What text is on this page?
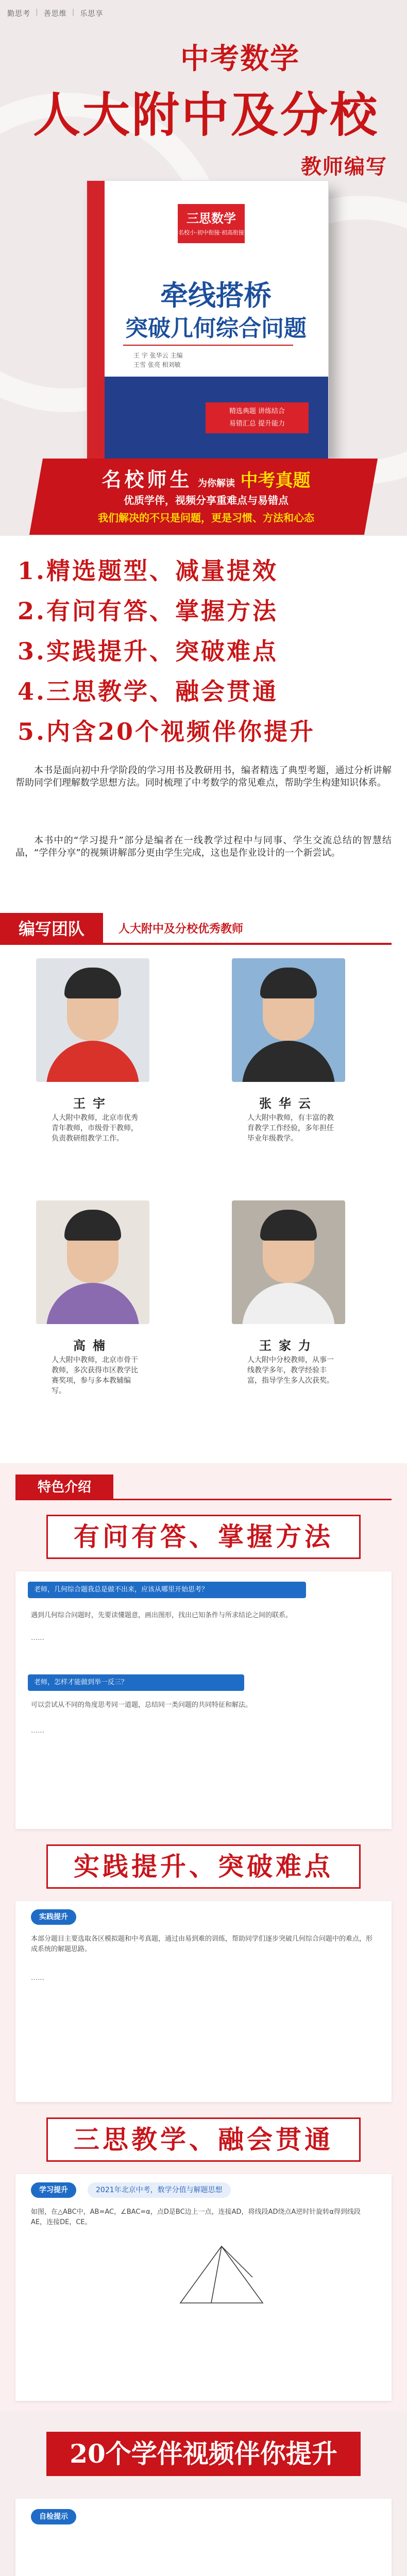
勤思考 | 善思维 | 乐思享
中考数学
人大附中及分校
教师编写
三思数学
名校小·初中衔接·初高衔接
牵线搭桥
突破几何综合问题
王 宇 张华云 主编
王雪 张亮 相刘敏
精选典题 讲练结合
易错汇总 提升能力
名校师生 为你解读 中考真题
优质学伴，视频分享重难点与易错点
我们解决的不只是问题，更是习惯、方法和心态
1.精选题型、减量提效
2.有问有答、掌握方法
3.实践提升、突破难点
4.三思教学、融会贯通
5.内含20个视频伴你提升

本书是面向初中升学阶段的学习用书及教研用书，编者精选了典型考题，通过分析讲解帮助同学们理解数学思想方法。同时梳理了中考数学的常见难点，帮助学生构建知识体系。

本书中的“学习提升”部分是编者在一线教学过程中与同事、学生交流总结的智慧结晶，“学伴分享”的视频讲解部分更由学生完成，这也是作业设计的一个新尝试。

编写团队	人大附中及分校优秀教师
王宇
人大附中教师，北京市优秀青年教师，市级骨干教师，负责教研组教学工作。
张华云
人大附中教师，有丰富的教育教学工作经验，多年担任毕业年级教学。
高楠
人大附中教师，北京市骨干教师，多次获得市区教学比赛奖项，参与多本教辅编写。
王家力
人大附中分校教师，从事一线教学多年，教学经验丰富，指导学生多人次获奖。
特色介绍
有问有答、掌握方法
老师，几何综合题我总是做不出来，应该从哪里开始思考？
遇到几何综合问题时，先要读懂题意，画出图形，找出已知条件与所求结论之间的联系。
……
老师，怎样才能做到举一反三？
可以尝试从不同的角度思考同一道题，总结同一类问题的共同特征和解法。
……
实践提升、突破难点
实践提升
本部分题目主要选取各区模拟题和中考真题，通过由易到难的训练，帮助同学们逐步突破几何综合问题中的难点，形成系统的解题思路。
……
三思教学、融会贯通
学习提升	2021年北京中考，数学分值与解题思想
如图，在△ABC中，AB=AC，∠BAC=α，点D是BC边上一点，连接AD，将线段AD绕点A逆时针旋转α得到线段AE，连接DE，CE。
20个学伴视频伴你提升
自检提示
